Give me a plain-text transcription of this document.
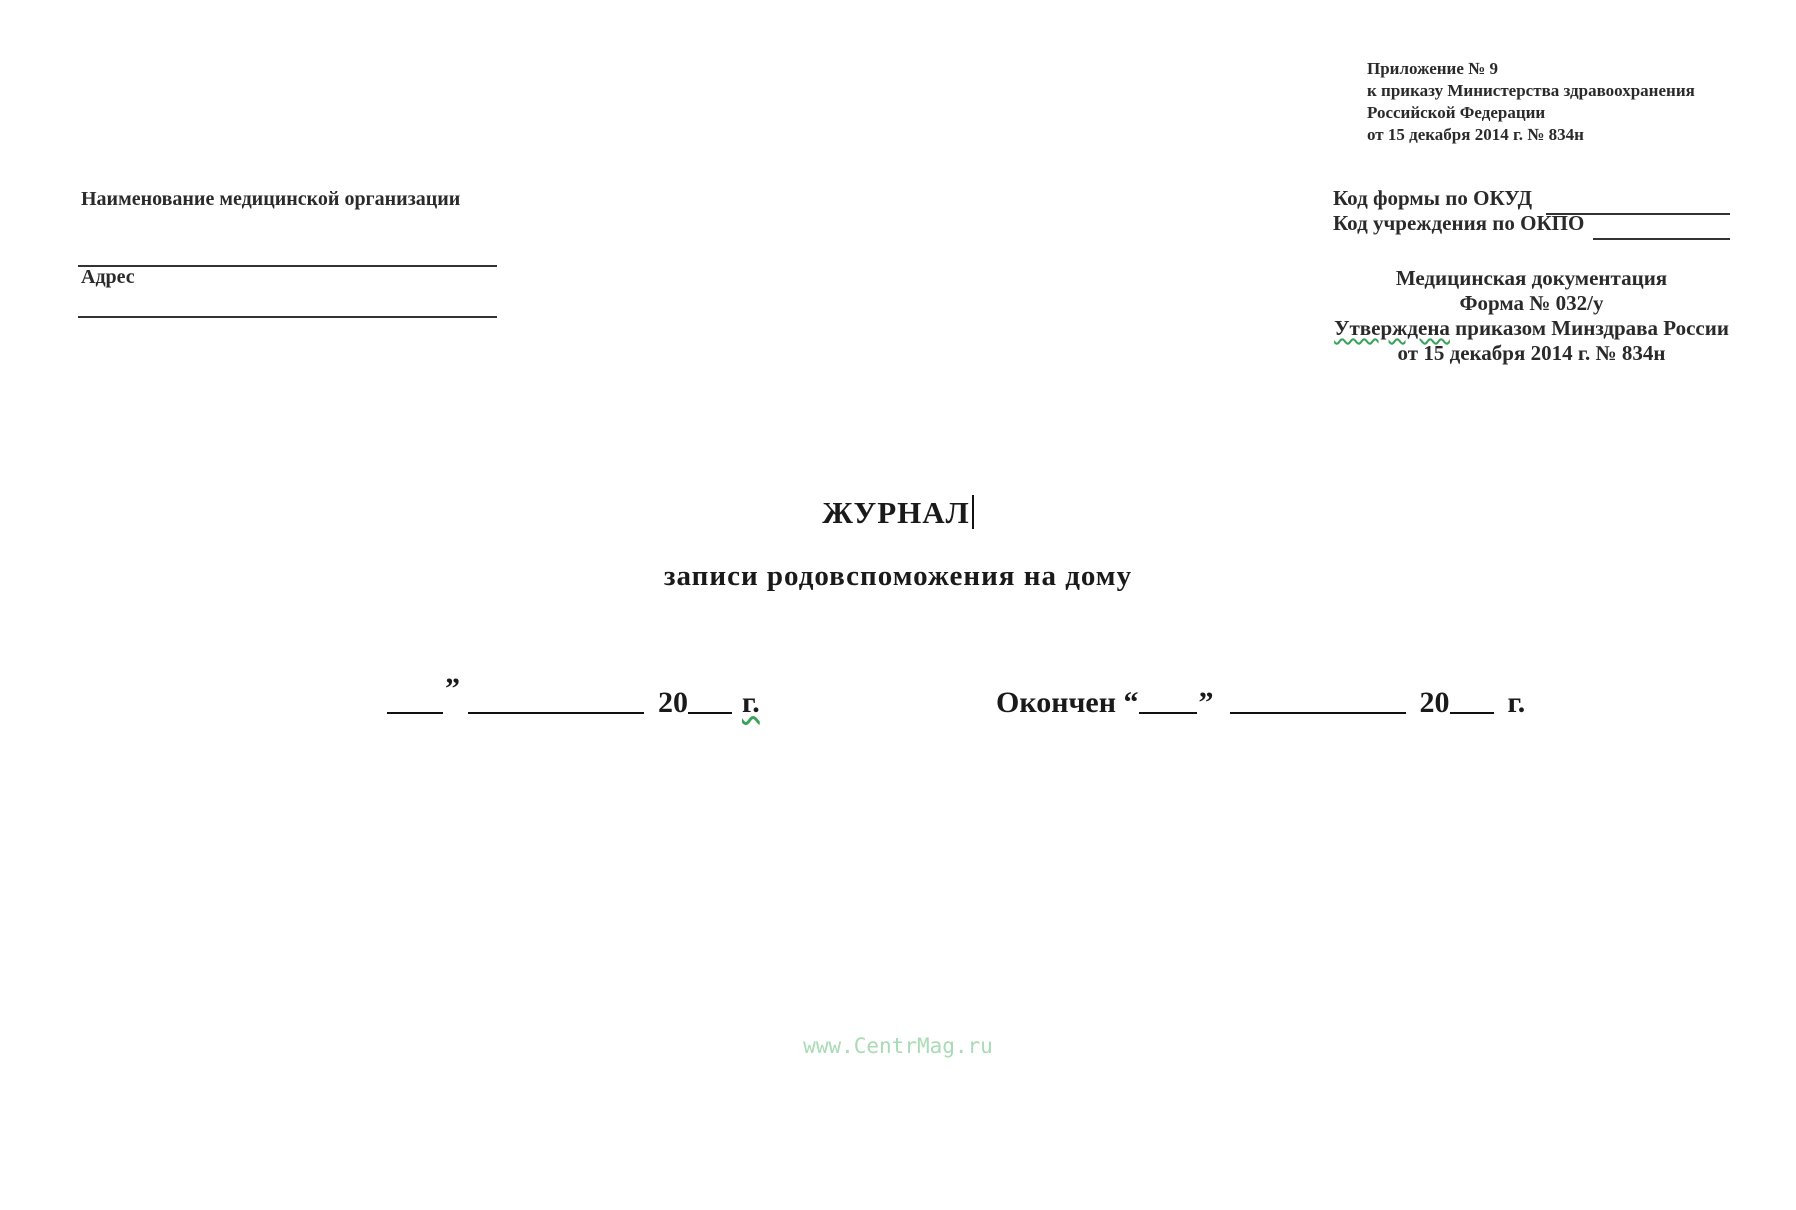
Приложение № 9
к приказу Министерства здравоохранения
Российской Федерации
от 15 декабря 2014 г. № 834н
Наименование медицинской организации
Адрес
Код формы по ОКУД
Код учреждения по ОКПО
Медицинская документация
Форма № 032/у
Утверждена приказом Минздрава России
от 15 декабря 2014 г. № 834н
ЖУРНАЛ
записи родовспоможения на дому
”	20 г.	Окончен “ ”	20 г.
www.CentrMag.ru
